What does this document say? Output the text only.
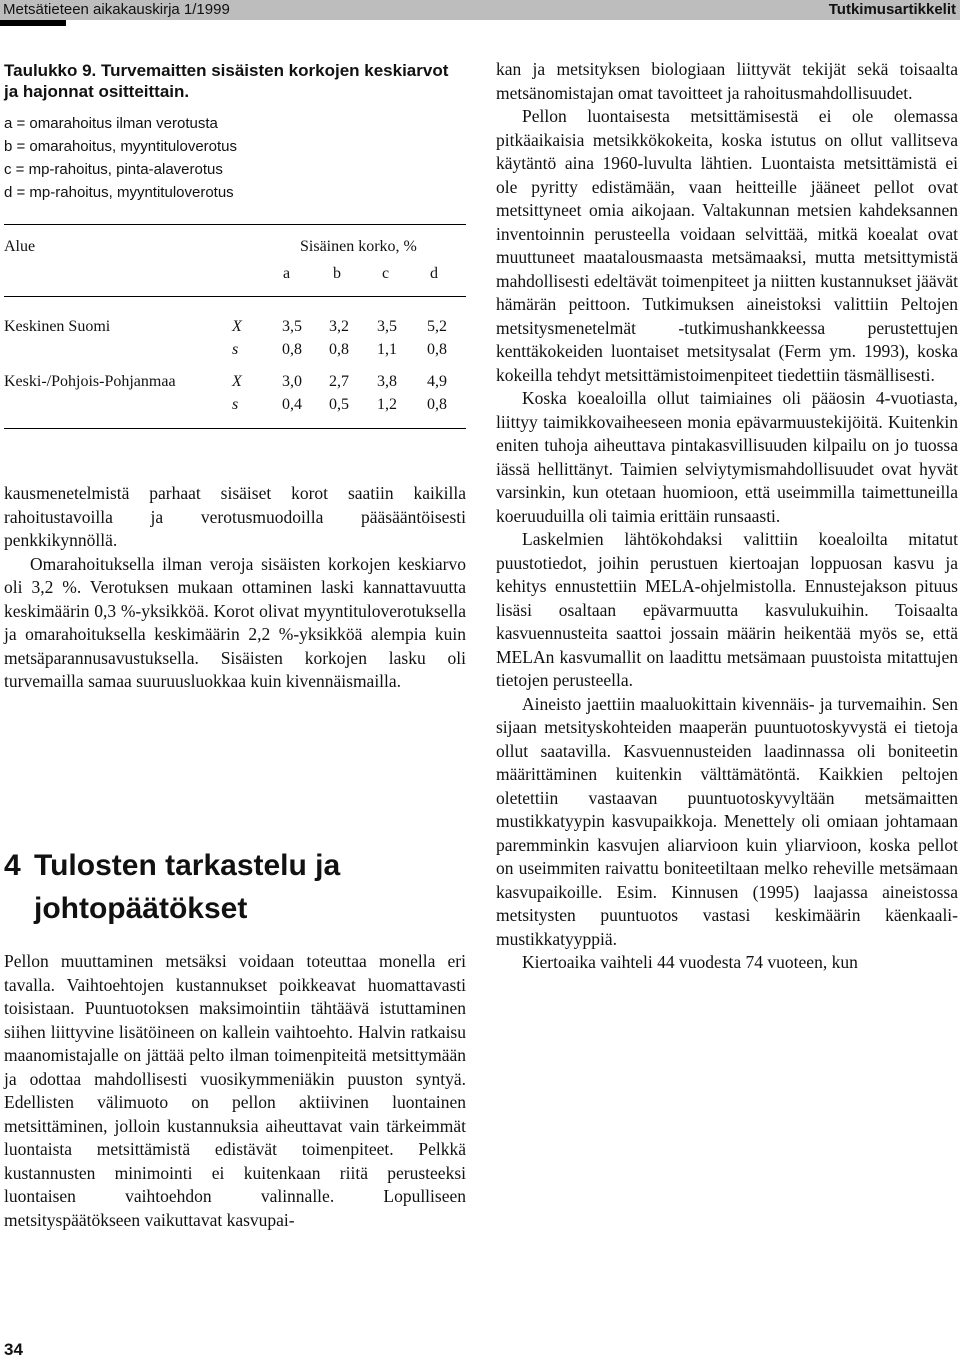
Metsätieteen aikakauskirja 1/1999	Tutkimusartikkelit

Taulukko 9. Turvemaitten sisäisten korkojen keskiarvot ja hajonnat ositteittain.

a = omarahoitus ilman verotusta
b = omarahoitus, myyntituloverotus
c = mp-rahoitus, pinta-alaverotus
d = mp-rahoitus, myyntituloverotus
Alue	Sisäinen korko, %
a	b	c	d
Keskinen Suomi	X	3,5	3,2	3,5	5,2
s	0,8	0,8	1,1	0,8
Keski-/Pohjois-Pohjanmaa	X	3,0	2,7	3,8	4,9
s	0,4	0,5	1,2	0,8

kausmenetelmistä parhaat sisäiset korot saatiin kaikilla rahoitustavoilla ja verotusmuodoilla pääsääntöisesti penkkikynnöllä.

Omarahoituksella ilman veroja sisäisten korkojen keskiarvo oli 3,2 %. Verotuksen mukaan ottaminen laski kannattavuutta keskimäärin 0,3 %-yksikköä. Korot olivat myyntituloverotuksella ja omarahoituksella keskimäärin 2,2 %-yksikköä alempia kuin metsäparannusavustuksella. Sisäisten korkojen lasku oli turvemailla samaa suuruusluokkaa kuin kivennäismailla.

4 Tulosten tarkastelu ja
johtopäätökset

Pellon muuttaminen metsäksi voidaan toteuttaa monella eri tavalla. Vaihtoehtojen kustannukset poikkeavat huomattavasti toisistaan. Puuntuotoksen maksimointiin tähtäävä istuttaminen siihen liittyvine lisätöineen on kallein vaihtoehto. Halvin ratkaisu maanomistajalle on jättää pelto ilman toimenpiteitä metsittymään ja odottaa mahdollisesti vuosikymmeniäkin puuston syntyä. Edellisten välimuoto on pellon aktiivinen luontainen metsittäminen, jolloin kustannuksia aiheuttavat vain tärkeimmät luontaista metsittämistä edistävät toimenpiteet. Pelkkä kustannusten minimointi ei kuitenkaan riitä perusteeksi luontaisen vaihtoehdon valinnalle. Lopulliseen metsityspäätökseen vaikuttavat kasvupai-

kan ja metsityksen biologiaan liittyvät tekijät sekä toisaalta metsänomistajan omat tavoitteet ja rahoitusmahdollisuudet.

Pellon luontaisesta metsittämisestä ei ole olemassa pitkäaikaisia metsikkökokeita, koska istutus on ollut vallitseva käytäntö aina 1960-luvulta lähtien. Luontaista metsittämistä ei ole pyritty edistämään, vaan heitteille jääneet pellot ovat metsittyneet omia aikojaan. Valtakunnan metsien kahdeksannen inventoinnin perusteella voidaan selvittää, mitkä koealat ovat muuttuneet maatalousmaasta metsämaaksi, mutta metsittymistä mahdollisesti edeltävät toimenpiteet ja niitten kustannukset jäävät hämärän peittoon. Tutkimuksen aineistoksi valittiin Peltojen metsitysmenetelmät -tutkimushankkeessa perustettujen kenttäkokeiden luontaiset metsitysalat (Ferm ym. 1993), koska kokeilla tehdyt metsittämistoimenpiteet tiedettiin täsmällisesti.

Koska koealoilla ollut taimiaines oli pääosin 4-vuotiasta, liittyy taimikkovaiheeseen monia epävarmuustekijöitä. Kuitenkin eniten tuhoja aiheuttava pintakasvillisuuden kilpailu on jo tuossa iässä hellittänyt. Taimien selviytymismahdollisuudet ovat hyvät varsinkin, kun otetaan huomioon, että useimmilla taimettuneilla koeruuduilla oli taimia erittäin runsaasti.

Laskelmien lähtökohdaksi valittiin koealoilta mitatut puustotiedot, joihin perustuen kiertoajan loppuosan kasvu ja kehitys ennustettiin MELA-ohjelmistolla. Ennustejakson pituus lisäsi osaltaan epävarmuutta kasvulukuihin. Toisaalta kasvuennusteita saattoi jossain määrin heikentää myös se, että MELAn kasvumallit on laadittu metsämaan puustoista mitattujen tietojen perusteella.

Aineisto jaettiin maaluokittain kivennäis- ja turvemaihin. Sen sijaan metsityskohteiden maaperän puuntuotoskyvystä ei tietoja ollut saatavilla. Kasvuennusteiden laadinnassa oli boniteetin määrittäminen kuitenkin välttämätöntä. Kaikkien peltojen oletettiin vastaavan puuntuotoskyvyltään metsämaitten mustikkatyypin kasvupaikkoja. Menettely oli omiaan johtamaan paremminkin kasvujen aliarvioon kuin yliarvioon, koska pellot on useimmiten raivattu boniteetiltaan melko reheville metsämaan kasvupaikoille. Esim. Kinnusen (1995) laajassa aineistossa metsitysten puuntuotos vastasi keskimäärin käenkaali-mustikkatyyppiä.

Kiertoaika vaihteli 44 vuodesta 74 vuoteen, kun

34
